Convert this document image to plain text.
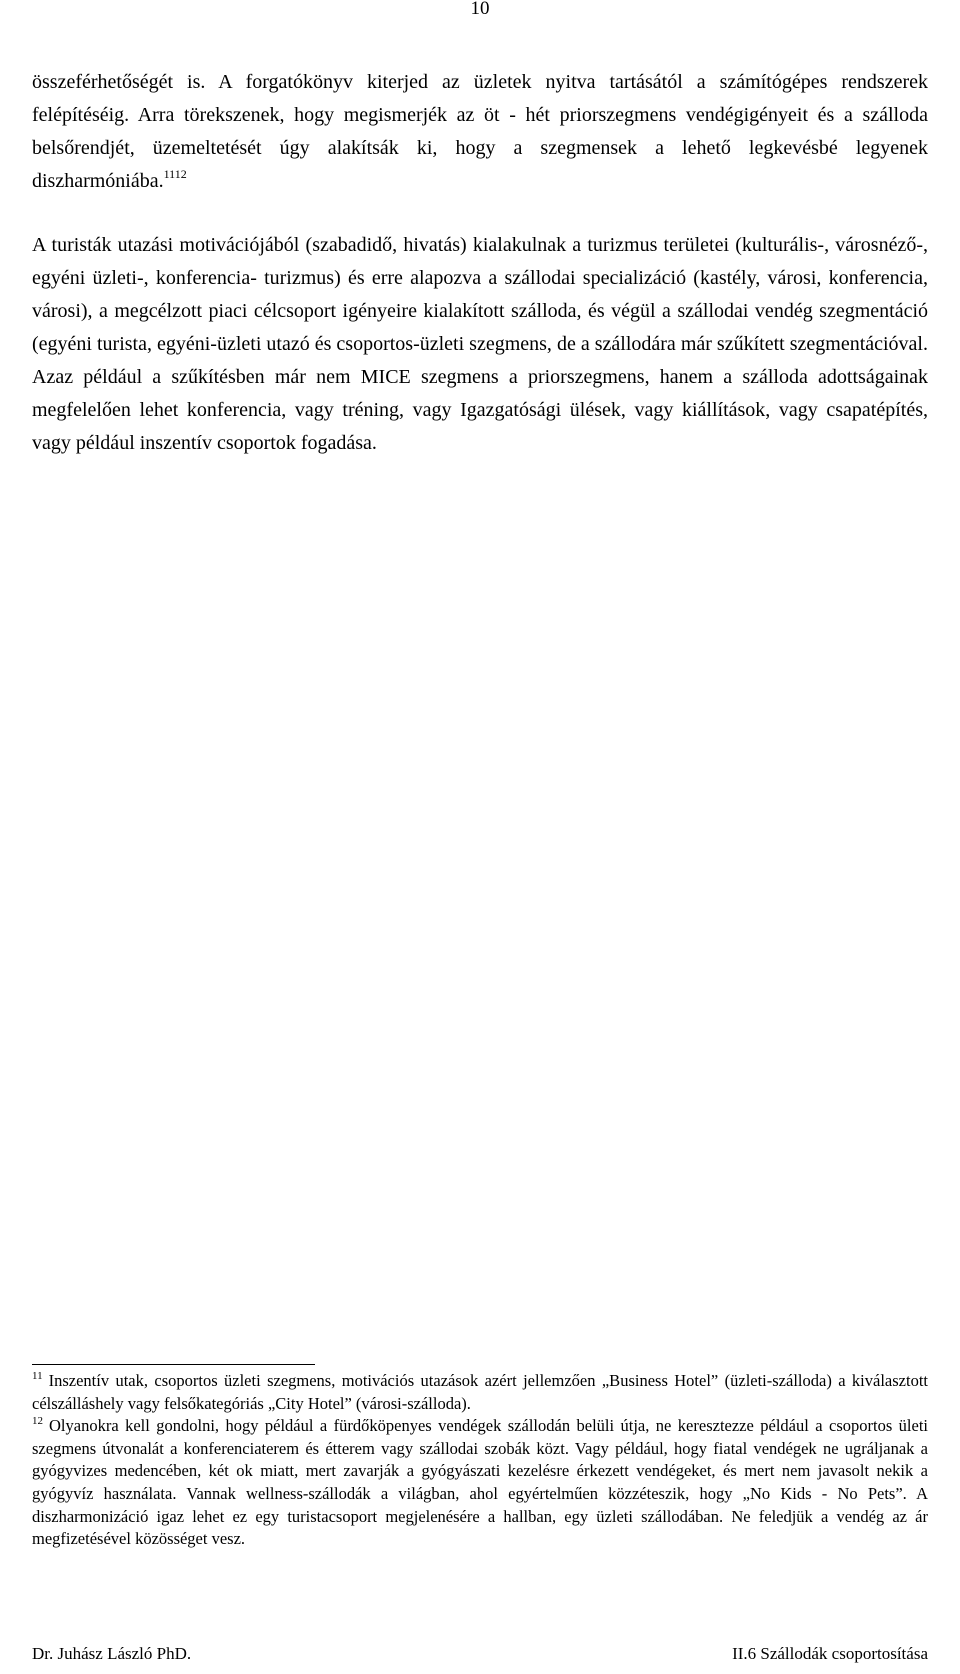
10

összeférhetőségét is. A forgatókönyv kiterjed az üzletek nyitva tartásától a számítógépes rendszerek felépítéséig. Arra törekszenek, hogy megismerjék az öt - hét priorszegmens vendégigényeit és a szálloda belsőrendjét, üzemeltetését úgy alakítsák ki, hogy a szegmensek a lehető legkevésbé legyenek diszharmóniába.$^{1112}$

A turisták utazási motivációjából (szabadidő, hivatás) kialakulnak a turizmus területei (kulturális-, városnéző-, egyéni üzleti-, konferencia- turizmus) és erre alapozva a szállodai specializáció (kastély, városi, konferencia, városi), a megcélzott piaci célcsoport igényeire kialakított szálloda, és végül a szállodai vendég szegmentáció (egyéni turista, egyéni-üzleti utazó és csoportos-üzleti szegmens, de a szállodára már szűkített szegmentációval. Azaz például a szűkítésben már nem MICE szegmens a priorszegmens, hanem a szálloda adottságainak megfelelően lehet konferencia, vagy tréning, vagy Igazgatósági ülések, vagy kiállítások, vagy csapatépítés, vagy például inszentív csoportok fogadása.

$^{11}$ Inszentív utak, csoportos üzleti szegmens, motivációs utazások azért jellemzően „Business Hotel” (üzleti-szálloda) a kiválasztott célszálláshely vagy felsőkategóriás „City Hotel” (városi-szálloda).

$^{12}$ Olyanokra kell gondolni, hogy például a fürdőköpenyes vendégek szállodán belüli útja, ne keresztezze például a csoportos ületi szegmens útvonalát a konferenciaterem és étterem vagy szállodai szobák közt. Vagy például, hogy fiatal vendégek ne ugráljanak a gyógyvizes medencében, két ok miatt, mert zavarják a gyógyászati kezelésre érkezett vendégeket, és mert nem javasolt nekik a gyógyvíz használata. Vannak wellness-szállodák a világban, ahol egyértelműen közzéteszik, hogy „No Kids - No Pets”. A diszharmonizáció igaz lehet ez egy turistacsoport megjelenésére a hallban, egy üzleti szállodában. Ne feledjük a vendég az ár megfizetésével közösséget vesz.

Dr. Juhász László PhD.	II.6 Szállodák csoportosítása
